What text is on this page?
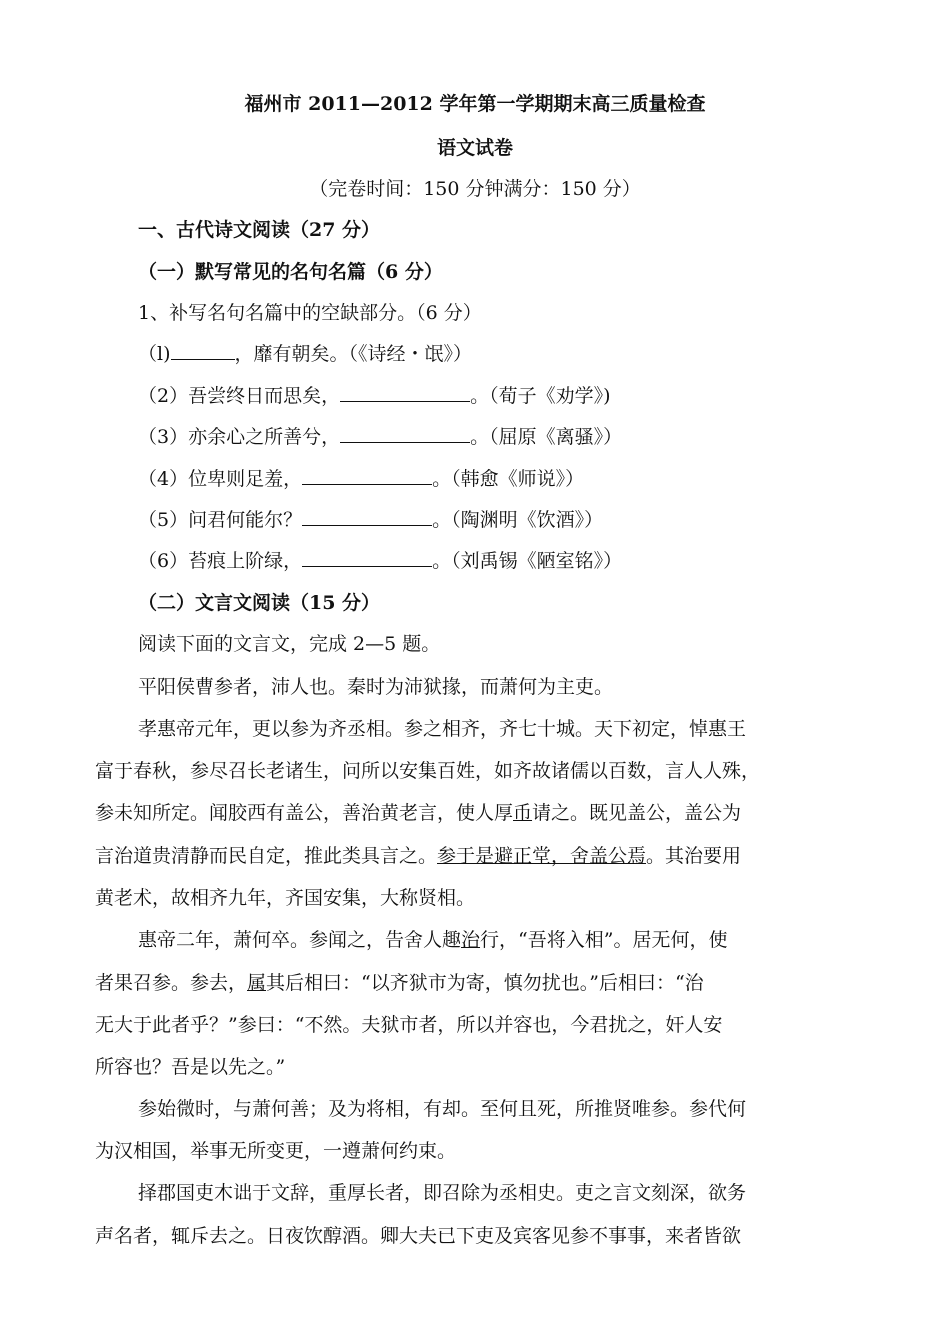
福州市 2011—2012 学年第一学期期末高三质量检查
语文试卷
（完卷时间：150 分钟满分：150 分）
一、古代诗文阅读（27 分）
（一）默写常见的名句名篇（6 分）
1、补写名句名篇中的空缺部分。（6 分）
（l)	，靡有朝矣。（《诗经・氓》）
（2）吾尝终日而思矣，	。（荀子《劝学》)
（3）亦余心之所善兮，	。（屈原《离骚》）
（4）位卑则足羞，	。（韩愈《师说》）
（5）问君何能尔？	。（陶渊明《饮酒》）
（6）苔痕上阶绿，	。（刘禹锡《陋室铭》）
（二）文言文阅读（15 分）
阅读下面的文言文，完成 2—5 题。
平阳侯曹参者，沛人也。秦时为沛狱掾，而萧何为主吏。
孝惠帝元年，更以参为齐丞相。参之相齐，齐七十城。天下初定，悼惠王
富于春秋，参尽召长老诸生，问所以安集百姓，如齐故诸儒以百数，言人人殊，
参未知所定。闻胶西有盖公，善治黄老言，使人厚币请之。既见盖公，盖公为
言治道贵清静而民自定，推此类具言之。参于是避正堂，舍盖公焉。其治要用
黄老术，故相齐九年，齐国安集，大称贤相。
惠帝二年，萧何卒。参闻之，告舍人趣治行，“吾将入相”。居无何，使
者果召参。参去，属其后相曰：“以齐狱市为寄，慎勿扰也。”后相曰：“治
无大于此者乎？”参曰：“不然。夫狱市者，所以并容也，今君扰之，奸人安
所容也？吾是以先之。”
参始微时，与萧何善；及为将相，有却。至何且死，所推贤唯参。参代何
为汉相国，举事无所变更，一遵萧何约束。
择郡国吏木诎于文辞，重厚长者，即召除为丞相史。吏之言文刻深，欲务
声名者，辄斥去之。日夜饮醇酒。卿大夫已下吏及宾客见参不事事，来者皆欲
